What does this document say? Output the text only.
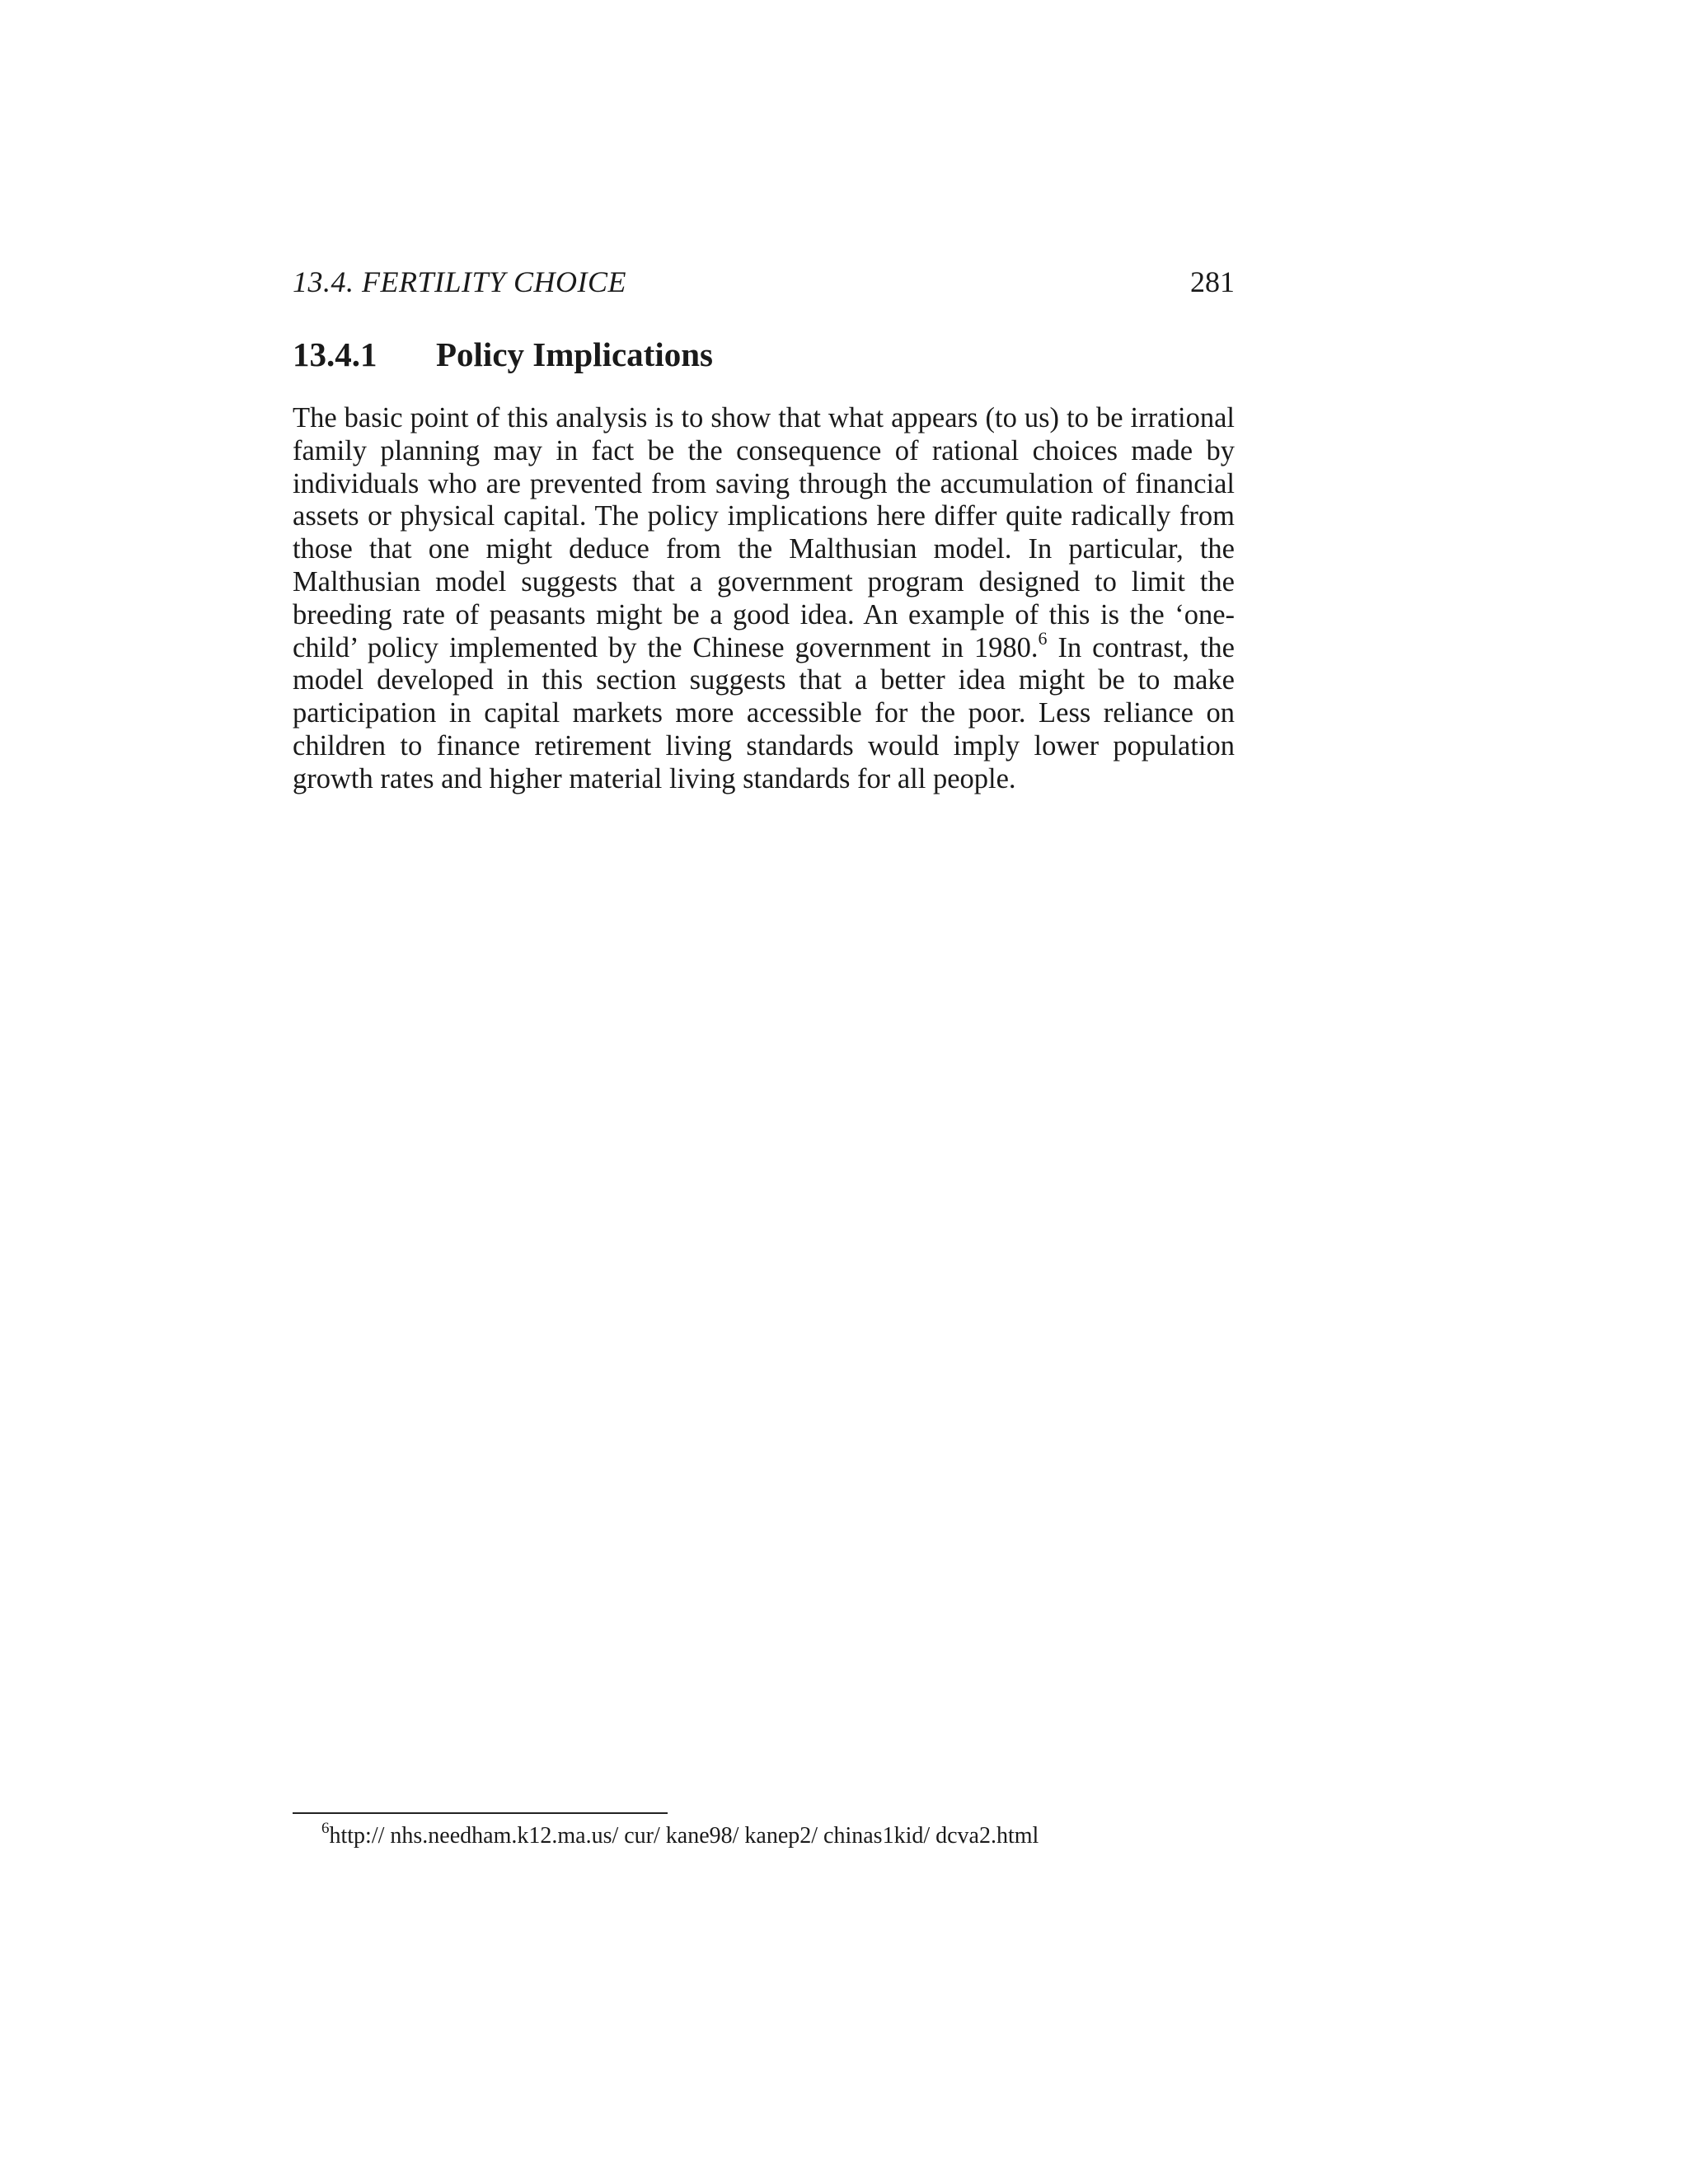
13.4. FERTILITY CHOICE	281
13.4.1 Policy Implications
The basic point of this analysis is to show that what appears (to us) to be irrational family planning may in fact be the consequence of rational choices made by individuals who are prevented from saving through the accumulation of financial assets or physical capital. The policy implications here differ quite radically from those that one might deduce from the Malthusian model. In particular, the Malthusian model suggests that a government program designed to limit the breeding rate of peasants might be a good idea. An example of this is the ‘one-child’ policy implemented by the Chinese government in 1980.$^6$ In contrast, the model developed in this section suggests that a better idea might be to make participation in capital markets more accessible for the poor. Less reliance on children to finance retirement living standards would imply lower population growth rates and higher material living standards for all people.
$^6$http:// nhs.needham.k12.ma.us/ cur/ kane98/ kanep2/ chinas1kid/ dcva2.html
